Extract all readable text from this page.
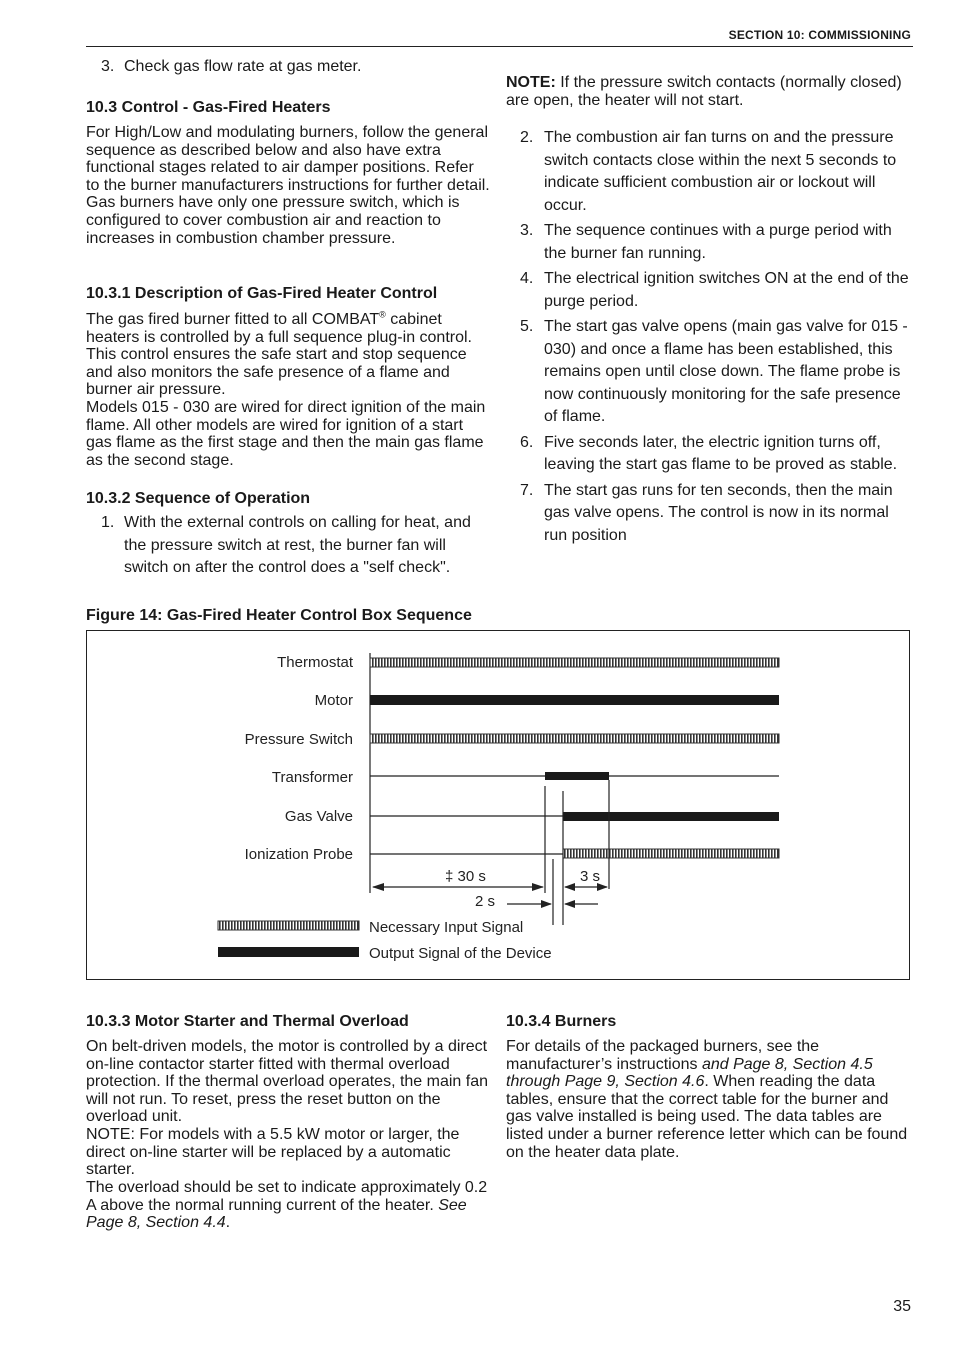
SECTION 10: COMMISSIONING
3. Check gas flow rate at gas meter.
10.3 Control - Gas-Fired Heaters

For High/Low and modulating burners, follow the general sequence as described below and also have extra functional stages related to air damper positions. Refer to the burner manufacturers instructions for further detail. Gas burners have only one pressure switch, which is configured to cover combustion air and reaction to increases in combustion chamber pressure.

10.3.1 Description of Gas-Fired Heater Control

The gas fired burner fitted to all COMBAT® cabinet heaters is controlled by a full sequence plug-in control. This control ensures the safe start and stop sequence and also monitors the safe presence of a flame and burner air pressure.

Models 015 - 030 are wired for direct ignition of the main flame. All other models are wired for ignition of a start gas flame as the first stage and then the main gas flame as the second stage.

10.3.2 Sequence of Operation
1. With the external controls on calling for heat, and the pressure switch at rest, the burner fan will switch on after the control does a "self check".

NOTE: If the pressure switch contacts (normally closed) are open, the heater will not start.

2. The combustion air fan turns on and the pressure switch contacts close within the next 5 seconds to indicate sufficient combustion air or lockout will occur.
3. The sequence continues with a purge period with the burner fan running.
4. The electrical ignition switches ON at the end of the purge period.
5. The start gas valve opens (main gas valve for 015 - 030) and once a flame has been established, this remains open until close down. The flame probe is now continuously monitoring for the safe presence of flame.
6. Five seconds later, the electric ignition turns off, leaving the start gas flame to be proved as stable.
7. The start gas runs for ten seconds, then the main gas valve opens. The control is now in its normal run position
Figure 14: Gas-Fired Heater Control Box Sequence
Thermostat
Motor
Pressure Switch
Transformer
Gas Valve
Ionization Probe
‡ 30 s	3 s
2 s
Necessary Input Signal
Output Signal of the Device
10.3.3 Motor Starter and Thermal Overload

On belt-driven models, the motor is controlled by a direct on-line contactor starter fitted with thermal overload protection. If the thermal overload operates, the main fan will not run. To reset, press the reset button on the overload unit.

NOTE: For models with a 5.5 kW motor or larger, the direct on-line starter will be replaced by a automatic starter.

The overload should be set to indicate approximately 0.2 A above the normal running current of the heater. See Page 8, Section 4.4.

10.3.4 Burners

For details of the packaged burners, see the manufacturer’s instructions and Page 8, Section 4.5 through Page 9, Section 4.6. When reading the data tables, ensure that the correct table for the burner and gas valve installed is being used. The data tables are listed under a burner reference letter which can be found on the heater data plate.

35
